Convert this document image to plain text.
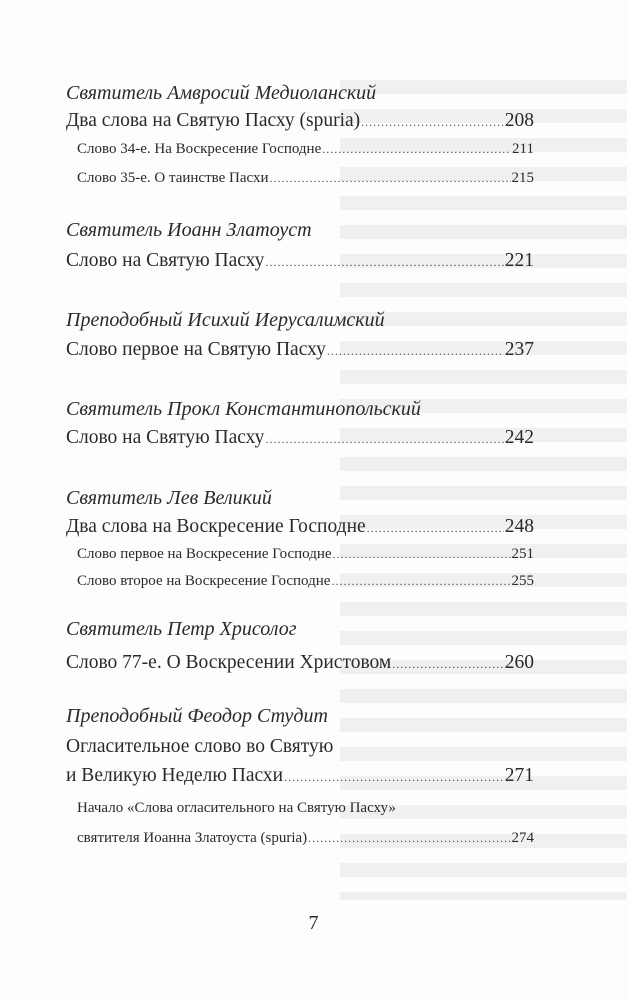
Святитель Амвросий Медиоланский
Два слова на Святую Пасху (spuria) .....	208
Слово 34-е. На Воскресение Господне .....	211
Слово 35-е. О таинстве Пасхи .....	215
Святитель Иоанн Златоуст
Слово на Святую Пасху .....	221
Преподобный Исихий Иерусалимский
Слово первое на Святую Пасху .....	237
Святитель Прокл Константинопольский
Слово на Святую Пасху .....	242
Святитель Лев Великий
Два слова на Воскресение Господне .....	248
Слово первое на Воскресение Господне .....	251
Слово второе на Воскресение Господне .....	255
Святитель Петр Хрисолог
Слово 77-е. О Воскресении Христовом .....	260
Преподобный Феодор Студит
Огласительное слово во Святую
и Великую Неделю Пасхи .....	271
Начало «Слова огласительного на Святую Пасху»
святителя Иоанна Златоуста (spuria) .....	274
7
